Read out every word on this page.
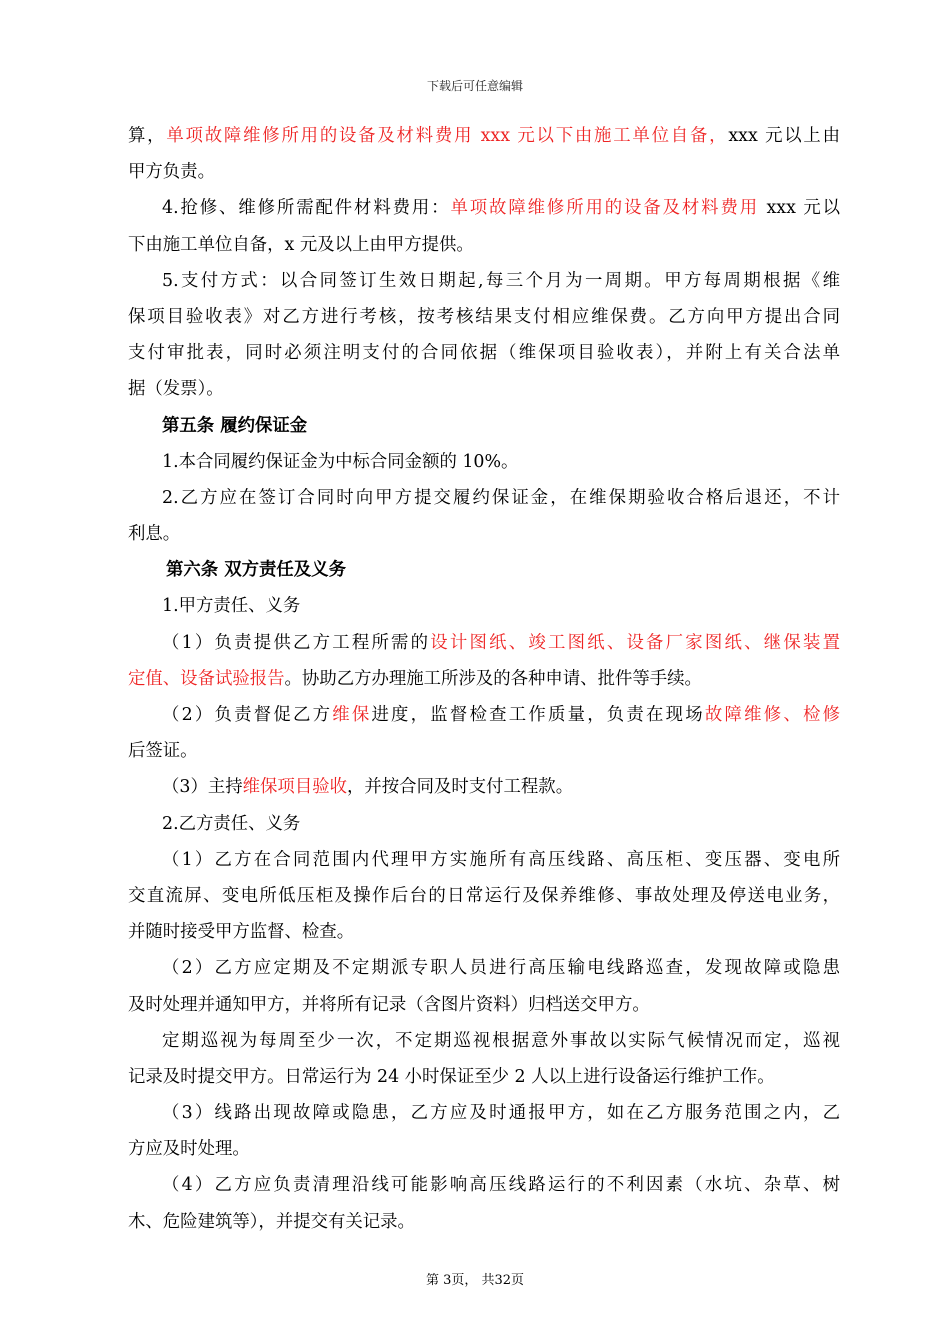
下载后可任意编辑
算，单项故障维修所用的设备及材料费用 xxx 元以下由施工单位自备，xxx 元以上由
甲方负责。
4.抢修、维修所需配件材料费用：单项故障维修所用的设备及材料费用 xxx 元以
下由施工单位自备，x 元及以上由甲方提供。
5.支付方式：以合同签订生效日期起,每三个月为一周期。甲方每周期根据《维
保项目验收表》对乙方进行考核，按考核结果支付相应维保费。乙方向甲方提出合同
支付审批表，同时必须注明支付的合同依据（维保项目验收表），并附上有关合法单
据（发票）。
第五条 履约保证金
1.本合同履约保证金为中标合同金额的 10%。
2.乙方应在签订合同时向甲方提交履约保证金，在维保期验收合格后退还，不计
利息。
第六条 双方责任及义务
1.甲方责任、义务
（1）负责提供乙方工程所需的设计图纸、竣工图纸、设备厂家图纸、继保装置
定值、设备试验报告。协助乙方办理施工所涉及的各种申请、批件等手续。
（2）负责督促乙方维保进度，监督检查工作质量，负责在现场故障维修、检修
后签证。
（3）主持维保项目验收，并按合同及时支付工程款。
2.乙方责任、义务
（1）乙方在合同范围内代理甲方实施所有高压线路、高压柜、变压器、变电所
交直流屏、变电所低压柜及操作后台的日常运行及保养维修、事故处理及停送电业务，
并随时接受甲方监督、检查。
（2）乙方应定期及不定期派专职人员进行高压输电线路巡查，发现故障或隐患
及时处理并通知甲方，并将所有记录（含图片资料）归档送交甲方。
定期巡视为每周至少一次，不定期巡视根据意外事故以实际气候情况而定，巡视
记录及时提交甲方。日常运行为 24 小时保证至少 2 人以上进行设备运行维护工作。
（3）线路出现故障或隐患，乙方应及时通报甲方，如在乙方服务范围之内，乙
方应及时处理。
（4）乙方应负责清理沿线可能影响高压线路运行的不利因素（水坑、杂草、树
木、危险建筑等），并提交有关记录。
第 3页， 共32页
